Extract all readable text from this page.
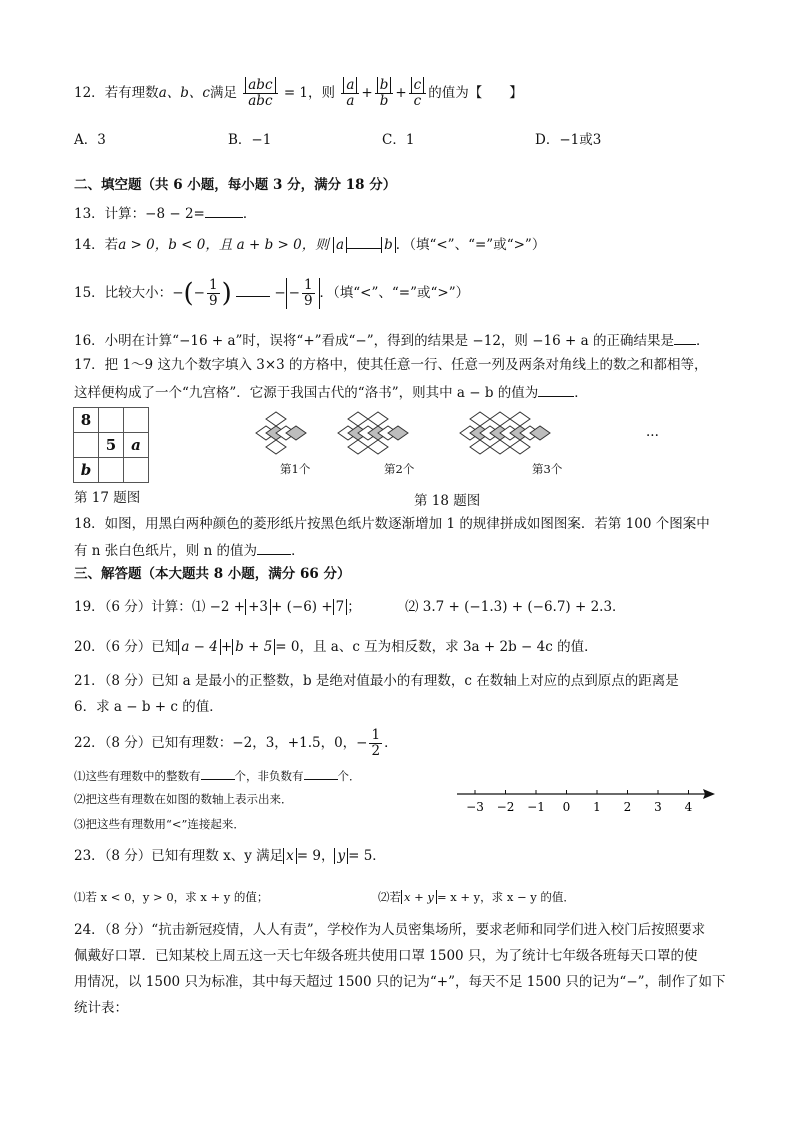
12．若有理数a、b、c满足 $\frac{\text{abc}}{\text{abc}} = 1$，则 $\frac{a}{a} + \frac{b}{b} + \frac{c}{c}$ 的值为【　　】
A．3	B．−1	C．1	D．−1或3
二、填空题（共 6 小题，每小题 3 分，满分 18 分）
13．计算：−8 − 2=	．
14．若a > 0，b < 0，且 a + b > 0，则 a	b ．（填“<”、“=”或“>”）
15．比较大小：−(− $\frac{1}{9}$ )	− − $\frac{1}{9}$ ．（填“<”、“=”或“>”）
16．小明在计算“−16 + a”时，误将“+”看成“−”，得到的结果是 −12，则 −16 + a 的正确结果是 ．
17．把 1～9 这九个数字填入 3×3 的方格中，使其任意一行、任意一列及两条对角线上的数之和都相等，
这样便构成了一个“九宫格”．它源于我国古代的“洛书”，则其中 a − b 的值为	．
8		
	5	a
b		
第 17 题图
第1个	第2个	第3个
···
第 18 题图
18．如图，用黑白两种颜色的菱形纸片按黑色纸片数逐渐增加 1 的规律拼成如图图案．若第 100 个图案中
有 n 张白色纸片，则 n 的值为	．
三、解答题（本大题共 8 小题，满分 66 分）
19．（6 分）计算：⑴ −2 + +3 + (−6) + 7 ；	⑵ 3.7 + (−1.3) + (−6.7) + 2.3．
20．（6 分）已知 a − 4 + b + 5 = 0，且 a、c 互为相反数，求 3a + 2b − 4c 的值．
21．（8 分）已知 a 是最小的正整数，b 是绝对值最小的有理数，c 在数轴上对应的点到原点的距离是
6．求 a − b + c 的值．
22．（8 分）已知有理数：−2，3，+1.5，0，− $\frac{1}{2}$ ．
⑴这些有理数中的整数有	个，非负数有	个．
⑵把这些有理数在如图的数轴上表示出来．
⑶把这些有理数用“<”连接起来．
−3 −2 −1 0 1 2 3 4
23．（8 分）已知有理数 x、y 满足 x = 9， y = 5．
⑴若 x < 0，y > 0，求 x + y 的值；	⑵若 x + y = x + y，求 x − y 的值．
24．（8 分）“抗击新冠疫情，人人有责”，学校作为人员密集场所，要求老师和同学们进入校门后按照要求
佩戴好口罩．已知某校上周五这一天七年级各班共使用口罩 1500 只，为了统计七年级各班每天口罩的使
用情况，以 1500 只为标准，其中每天超过 1500 只的记为“+”，每天不足 1500 只的记为“−”，制作了如下
统计表：
